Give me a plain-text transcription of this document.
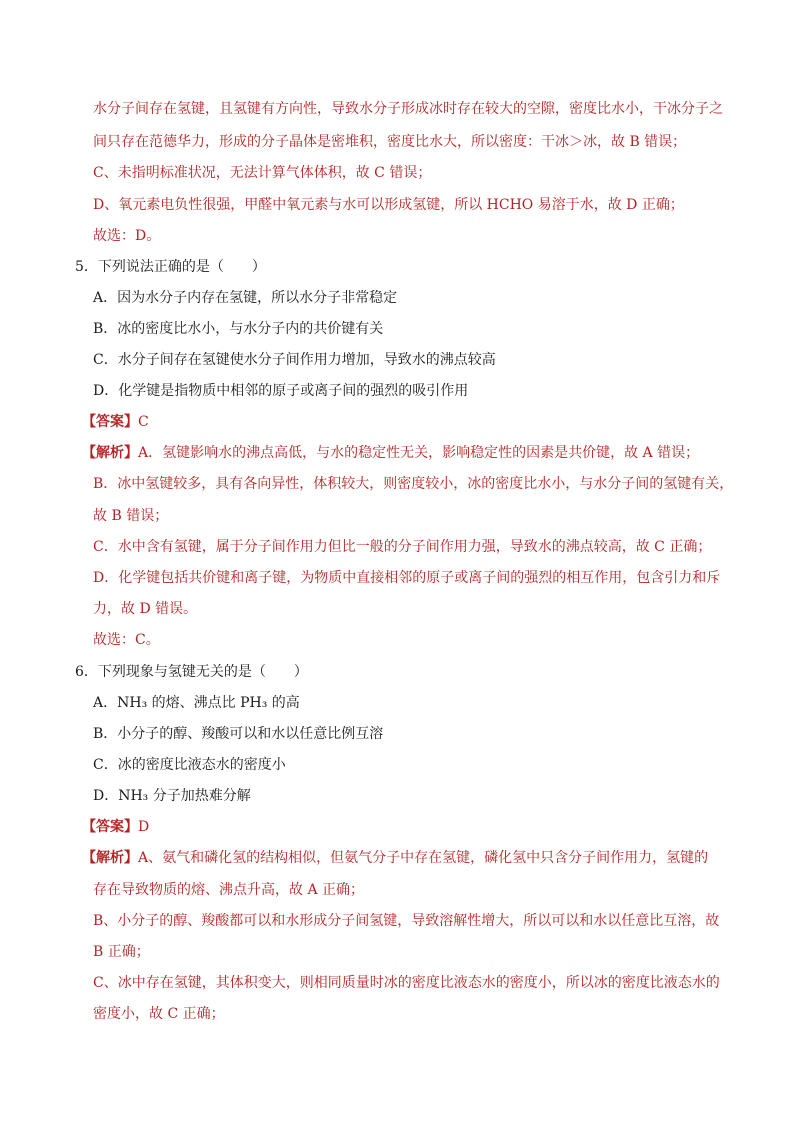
水分子间存在氢键，且氢键有方向性，导致水分子形成冰时存在较大的空隙，密度比水小，干冰分子之
间只存在范德华力，形成的分子晶体是密堆积，密度比水大，所以密度：干冰＞冰，故 B 错误；
C、未指明标准状况，无法计算气体体积，故 C 错误；
D、氧元素电负性很强，甲醛中氧元素与水可以形成氢键，所以 HCHO 易溶于水，故 D 正确；
故选：D。
5．下列说法正确的是（　　）
A．因为水分子内存在氢键，所以水分子非常稳定
B．冰的密度比水小，与水分子内的共价键有关
C．水分子间存在氢键使水分子间作用力增加，导致水的沸点较高
D．化学键是指物质中相邻的原子或离子间的强烈的吸引作用
【答案】C
【解析】A．氢键影响水的沸点高低，与水的稳定性无关，影响稳定性的因素是共价键，故 A 错误；
B．冰中氢键较多，具有各向异性，体积较大，则密度较小，冰的密度比水小，与水分子间的氢键有关，
故 B 错误；
C．水中含有氢键，属于分子间作用力但比一般的分子间作用力强，导致水的沸点较高，故 C 正确；
D．化学键包括共价键和离子键，为物质中直接相邻的原子或离子间的强烈的相互作用，包含引力和斥
力，故 D 错误。
故选：C。
6．下列现象与氢键无关的是（　　）
A．NH₃ 的熔、沸点比 PH₃ 的高
B．小分子的醇、羧酸可以和水以任意比例互溶
C．冰的密度比液态水的密度小
D．NH₃ 分子加热难分解
【答案】D
【解析】A、氨气和磷化氢的结构相似，但氨气分子中存在氢键，磷化氢中只含分子间作用力，氢键的
存在导致物质的熔、沸点升高，故 A 正确；
B、小分子的醇、羧酸都可以和水形成分子间氢键，导致溶解性增大，所以可以和水以任意比互溶，故
B 正确；
C、冰中存在氢键，其体积变大，则相同质量时冰的密度比液态水的密度小，所以冰的密度比液态水的
密度小，故 C 正确；
